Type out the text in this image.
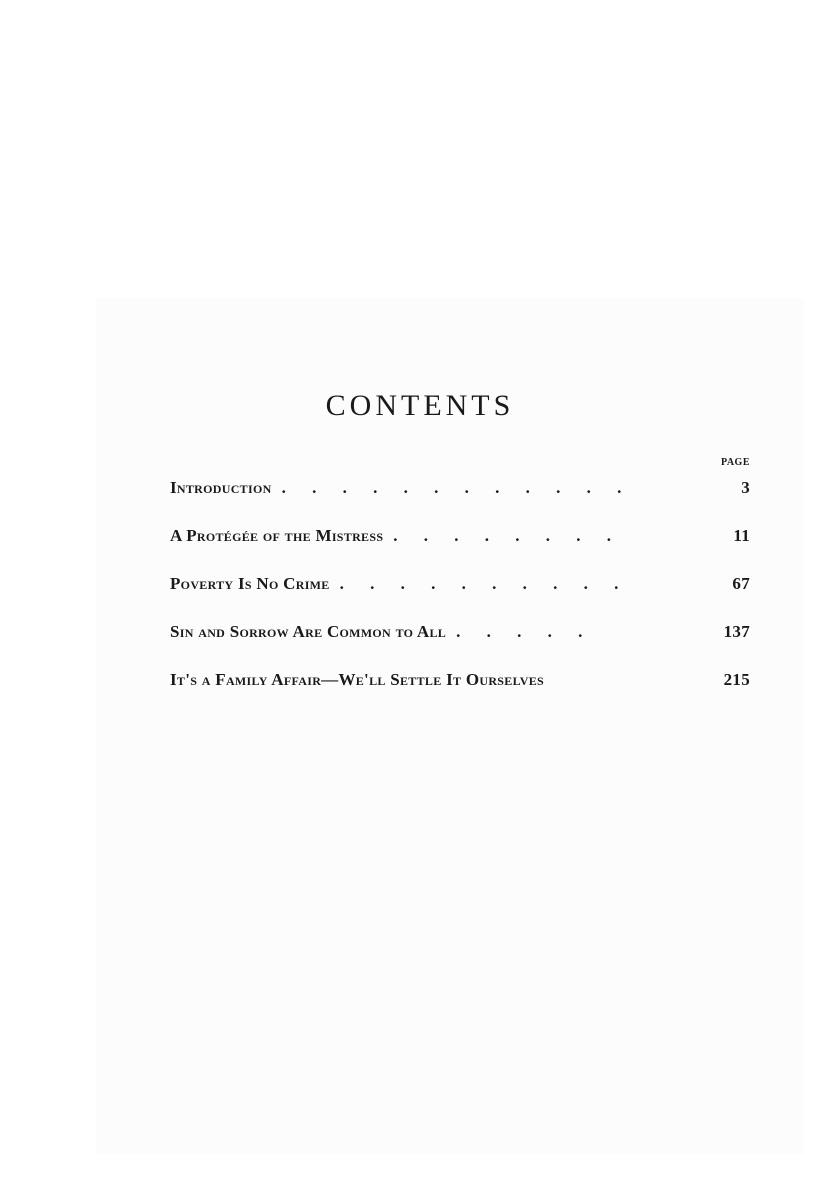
CONTENTS
PAGE
Introduction . . . . . . . . . . . .	3
A Protégée of the Mistress . . . . . . . .	11
Poverty Is No Crime . . . . . . . . . .	67
Sin and Sorrow Are Common to All . . . . .	137
It's a Family Affair—We'll Settle It Ourselves	215
